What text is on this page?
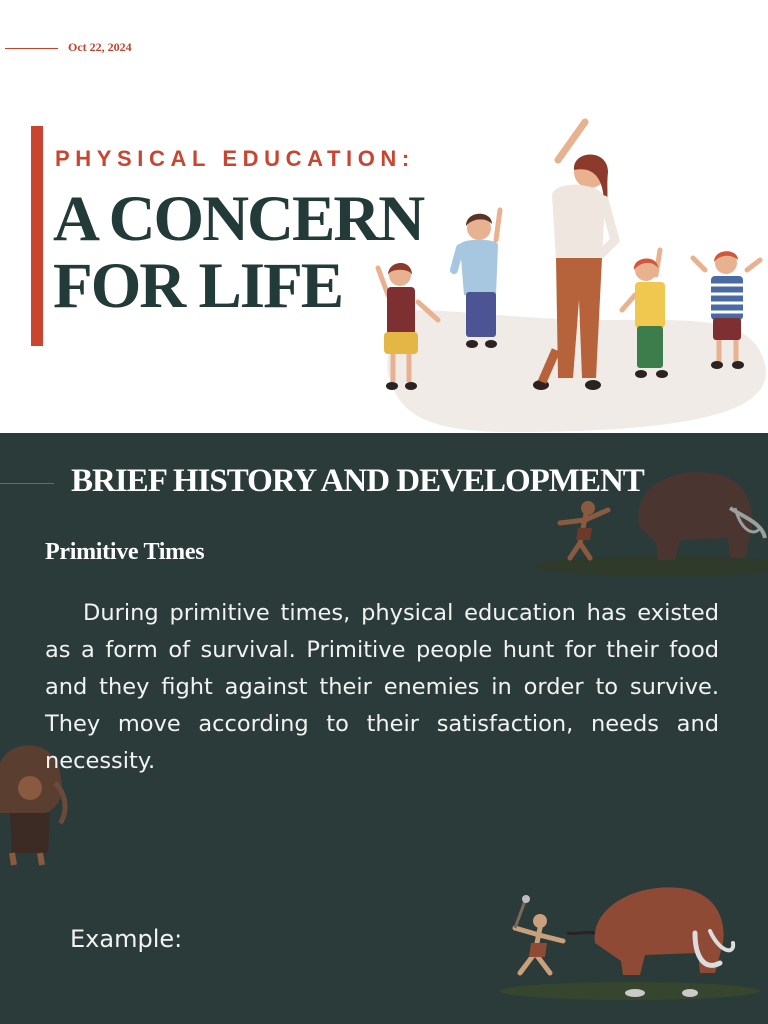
Oct 22, 2024
PHYSICAL EDUCATION:
A CONCERN
FOR LIFE
BRIEF HISTORY AND DEVELOPMENT
Primitive Times
During primitive times, physical education has existed as a form of survival. Primitive people hunt for their food and they fight against their enemies in order to survive. They move according to their satisfaction, needs and necessity.
Example:
